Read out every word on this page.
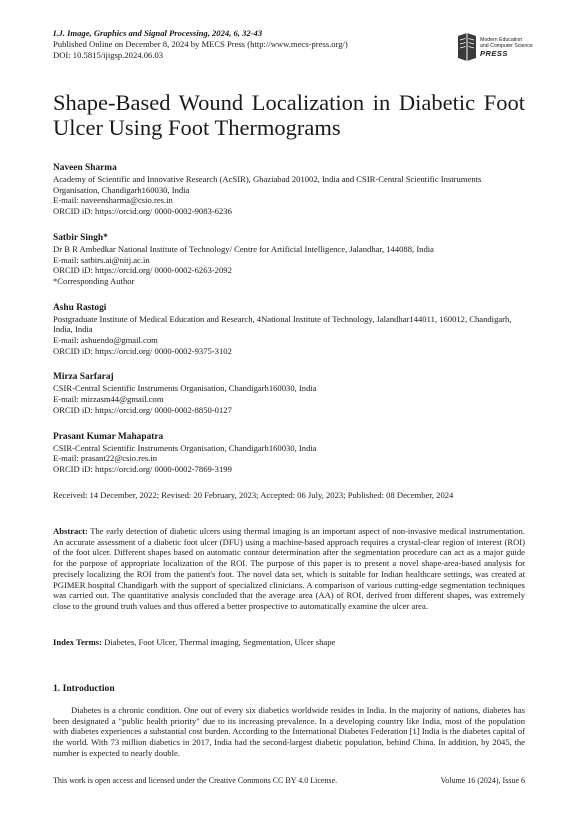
I.J. Image, Graphics and Signal Processing, 2024, 6, 32-43
Published Online on December 8, 2024 by MECS Press (http://www.mecs-press.org/)
DOI: 10.5815/ijigsp.2024.06.03
Modern Education
and Computer Science
PRESS
Shape-Based Wound Localization in Diabetic Foot Ulcer Using Foot Thermograms
Naveen Sharma
Academy of Scientific and Innovative Research (AcSIR), Ghaziabad 201002, India and CSIR-Central Scientific Instruments Organisation, Chandigarh160030, India
E-mail: naveensharma@csio.res.in
ORCID iD: https://orcid.org/ 0000-0002-9083-6236
Satbir Singh*
Dr B R Ambedkar National Institute of Technology/ Centre for Artificial Intelligence, Jalandhar, 144088, India
E-mail: satbirs.ai@nitj.ac.in
ORCID iD: https://orcid.org/ 0000-0002-6263-2092
*Corresponding Author
Ashu Rastogi
Postgraduate Institute of Medical Education and Research, 4National Institute of Technology, Jalandhar144011, 160012, Chandigarh, India, India
E-mail: ashuendo@gmail.com
ORCID iD: https://orcid.org/ 0000-0002-9375-3102
Mirza Sarfaraj
CSIR-Central Scientific Instruments Organisation, Chandigarh160030, India
E-mail: mirzasm44@gmail.com
ORCID iD: https://orcid.org/ 0000-0002-8850-0127
Prasant Kumar Mahapatra
CSIR-Central Scientific Instruments Organisation, Chandigarh160030, India
E-mail: prasant22@csio.res.in
ORCID iD: https://orcid.org/ 0000-0002-7869-3199
Received: 14 December, 2022; Revised: 20 February, 2023; Accepted: 06 July, 2023; Published: 08 December, 2024
Abstract: The early detection of diabetic ulcers using thermal imaging is an important aspect of non-invasive medical instrumentation. An accurate assessment of a diabetic foot ulcer (DFU) using a machine-based approach requires a crystal-clear region of interest (ROI) of the foot ulcer. Different shapes based on automatic contour determination after the segmentation procedure can act as a major guide for the purpose of appropriate localization of the ROI. The purpose of this paper is to present a novel shape-area-based analysis for precisely localizing the ROI from the patient's foot. The novel data set, which is suitable for Indian healthcare settings, was created at PGIMER hospital Chandigarh with the support of specialized clinicians. A comparison of various cutting-edge segmentation techniques was carried out. The quantitative analysis concluded that the average area (AA) of ROI, derived from different shapes, was extremely close to the ground truth values and thus offered a better prospective to automatically examine the ulcer area.
Index Terms: Diabetes, Foot Ulcer, Thermal imaging, Segmentation, Ulcer shape
1. Introduction
Diabetes is a chronic condition. One out of every six diabetics worldwide resides in India. In the majority of nations, diabetes has been designated a "public health priority" due to its increasing prevalence. In a developing country like India, most of the population with diabetes experiences a substantial cost burden. According to the International Diabetes Federation [1] India is the diabetes capital of the world. With 73 million diabetics in 2017, India had the second-largest diabetic population, behind China. In addition, by 2045, the number is expected to nearly double.
This work is open access and licensed under the Creative Commons CC BY 4.0 License.	Volume 16 (2024), Issue 6
